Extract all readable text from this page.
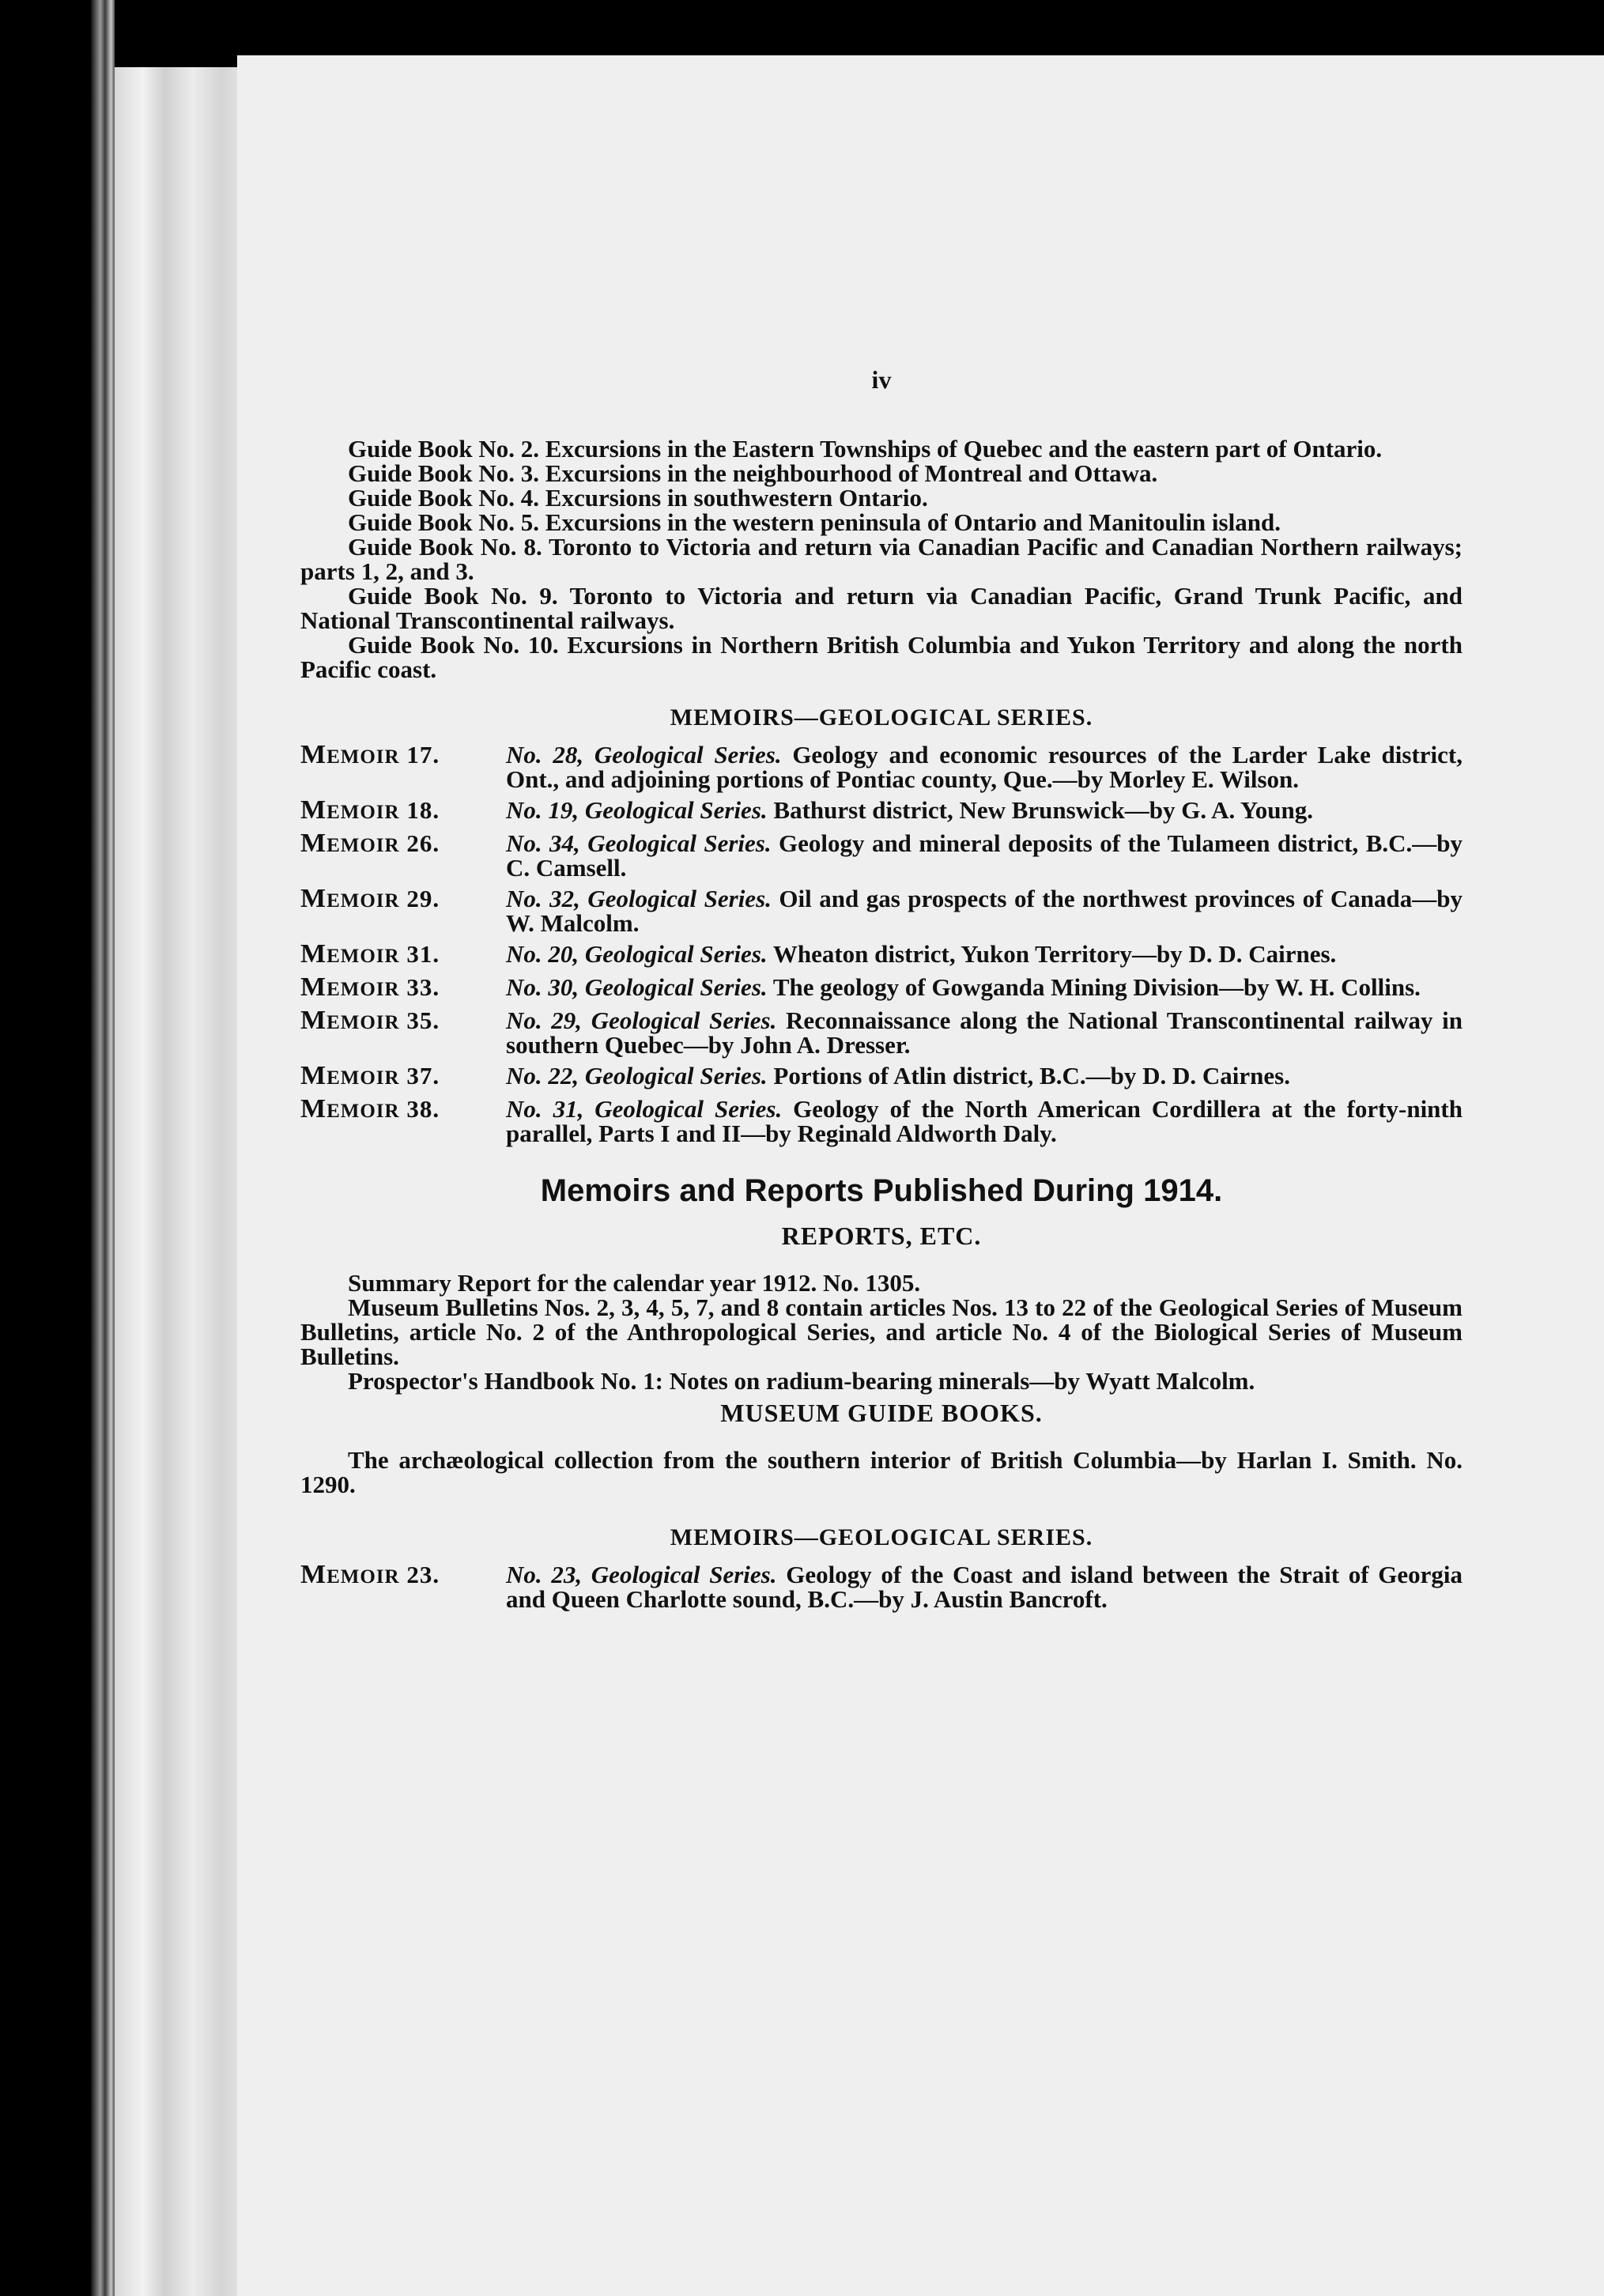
iv

Guide Book No. 2. Excursions in the Eastern Townships of Quebec and the eastern part of Ontario.

Guide Book No. 3. Excursions in the neighbourhood of Montreal and Ottawa.

Guide Book No. 4. Excursions in southwestern Ontario.

Guide Book No. 5. Excursions in the western peninsula of Ontario and Manitoulin island.

Guide Book No. 8. Toronto to Victoria and return via Canadian Pacific and Canadian Northern railways; parts 1, 2, and 3.

Guide Book No. 9. Toronto to Victoria and return via Canadian Pacific, Grand Trunk Pacific, and National Transcontinental railways.

Guide Book No. 10. Excursions in Northern British Columbia and Yukon Territory and along the north Pacific coast.

MEMOIRS—GEOLOGICAL SERIES.
MEMOIR 17.	No. 28, Geological Series. Geology and economic resources of the Larder Lake district, Ont., and adjoining portions of Pontiac county, Que.—by Morley E. Wilson.
MEMOIR 18.	No. 19, Geological Series. Bathurst district, New Brunswick—by G. A. Young.
MEMOIR 26.	No. 34, Geological Series. Geology and mineral deposits of the Tulameen district, B.C.—by C. Camsell.
MEMOIR 29.	No. 32, Geological Series. Oil and gas prospects of the northwest provinces of Canada—by W. Malcolm.
MEMOIR 31.	No. 20, Geological Series. Wheaton district, Yukon Territory—by D. D. Cairnes.
MEMOIR 33.	No. 30, Geological Series. The geology of Gowganda Mining Division—by W. H. Collins.
MEMOIR 35.	No. 29, Geological Series. Reconnaissance along the National Transcontinental railway in southern Quebec—by John A. Dresser.
MEMOIR 37.	No. 22, Geological Series. Portions of Atlin district, B.C.—by D. D. Cairnes.
MEMOIR 38.	No. 31, Geological Series. Geology of the North American Cordillera at the forty-ninth parallel, Parts I and II—by Reginald Aldworth Daly.
Memoirs and Reports Published During 1914.
REPORTS, ETC.

Summary Report for the calendar year 1912. No. 1305.

Museum Bulletins Nos. 2, 3, 4, 5, 7, and 8 contain articles Nos. 13 to 22 of the Geological Series of Museum Bulletins, article No. 2 of the Anthropological Series, and article No. 4 of the Biological Series of Museum Bulletins.

Prospector's Handbook No. 1: Notes on radium-bearing minerals—by Wyatt Malcolm.

MUSEUM GUIDE BOOKS.

The archæological collection from the southern interior of British Columbia—by Harlan I. Smith. No. 1290.

MEMOIRS—GEOLOGICAL SERIES.
MEMOIR 23.	No. 23, Geological Series. Geology of the Coast and island between the Strait of Georgia and Queen Charlotte sound, B.C.—by J. Austin Bancroft.
